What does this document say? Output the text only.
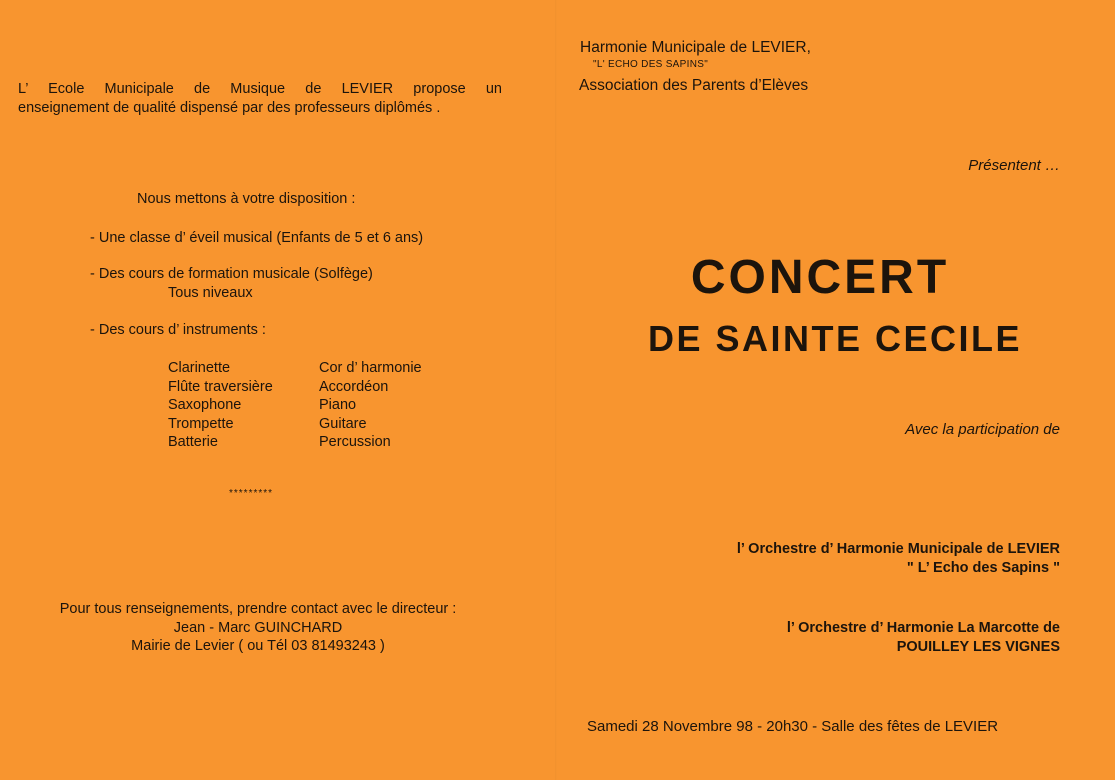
L’ Ecole Municipale de Musique de LEVIER propose un
enseignement de qualité dispensé par des professeurs diplômés .
Nous mettons à votre disposition :
- Une classe d’ éveil musical (Enfants de 5 et 6 ans)
- Des cours de formation musicale (Solfège)
Tous niveaux
- Des cours d’ instruments :
Clarinette
Flûte traversière
Saxophone
Trompette
Batterie
Cor d’ harmonie
Accordéon
Piano
Guitare
Percussion
*********
Pour tous renseignements, prendre contact avec le directeur :
Jean - Marc GUINCHARD
Mairie de Levier ( ou Tél 03 81493243 )
Harmonie Municipale de LEVIER,
"L' ECHO DES SAPINS"
Association des Parents d’Elèves
Présentent …
CONCERT
DE SAINTE CECILE
Avec la participation de
l’ Orchestre d’ Harmonie Municipale de LEVIER
" L’ Echo des Sapins "
l’ Orchestre d’ Harmonie La Marcotte de
POUILLEY LES VIGNES
Samedi 28 Novembre 98 - 20h30 - Salle des fêtes de LEVIER
